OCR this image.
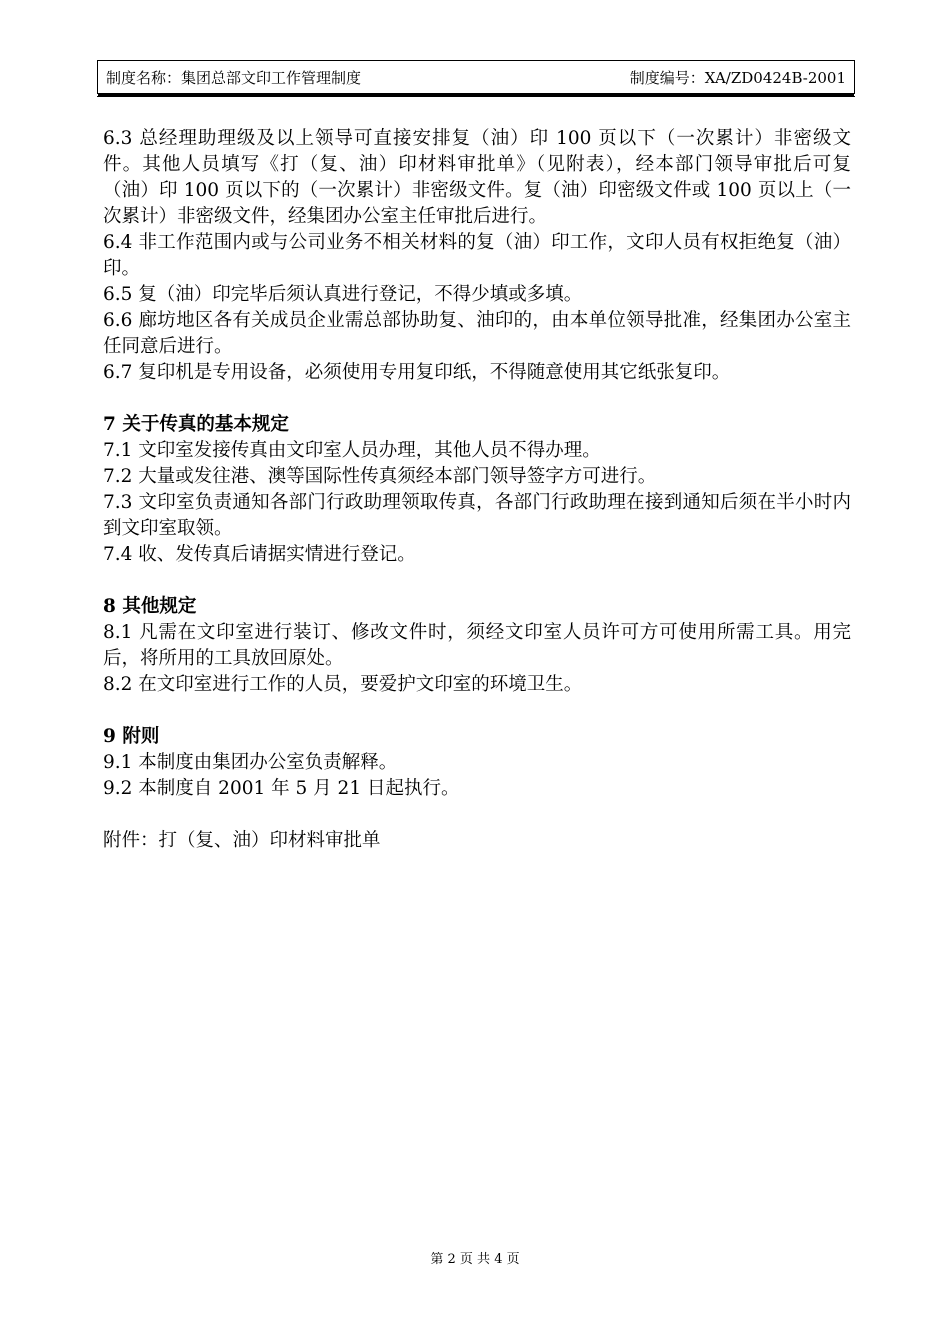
制度名称：集团总部文印工作管理制度	制度编号：XA/ZD0424B-2001

6.3 总经理助理级及以上领导可直接安排复（油）印 100 页以下（一次累计）非密级文件。其他人员填写《打（复、油）印材料审批单》（见附表），经本部门领导审批后可复（油）印 100 页以下的（一次累计）非密级文件。复（油）印密级文件或 100 页以上（一次累计）非密级文件，经集团办公室主任审批后进行。

6.4 非工作范围内或与公司业务不相关材料的复（油）印工作，文印人员有权拒绝复（油）印。

6.5 复（油）印完毕后须认真进行登记，不得少填或多填。

6.6 廊坊地区各有关成员企业需总部协助复、油印的，由本单位领导批准，经集团办公室主任同意后进行。

6.7 复印机是专用设备，必须使用专用复印纸，不得随意使用其它纸张复印。

7 关于传真的基本规定

7.1 文印室发接传真由文印室人员办理，其他人员不得办理。

7.2 大量或发往港、澳等国际性传真须经本部门领导签字方可进行。

7.3 文印室负责通知各部门行政助理领取传真，各部门行政助理在接到通知后须在半小时内到文印室取领。

7.4 收、发传真后请据实情进行登记。

8 其他规定

8.1 凡需在文印室进行装订、修改文件时，须经文印室人员许可方可使用所需工具。用完后，将所用的工具放回原处。

8.2 在文印室进行工作的人员，要爱护文印室的环境卫生。

9 附则

9.1 本制度由集团办公室负责解释。

9.2 本制度自 2001 年 5 月 21 日起执行。

附件：打（复、油）印材料审批单

第 2 页 共 4 页
